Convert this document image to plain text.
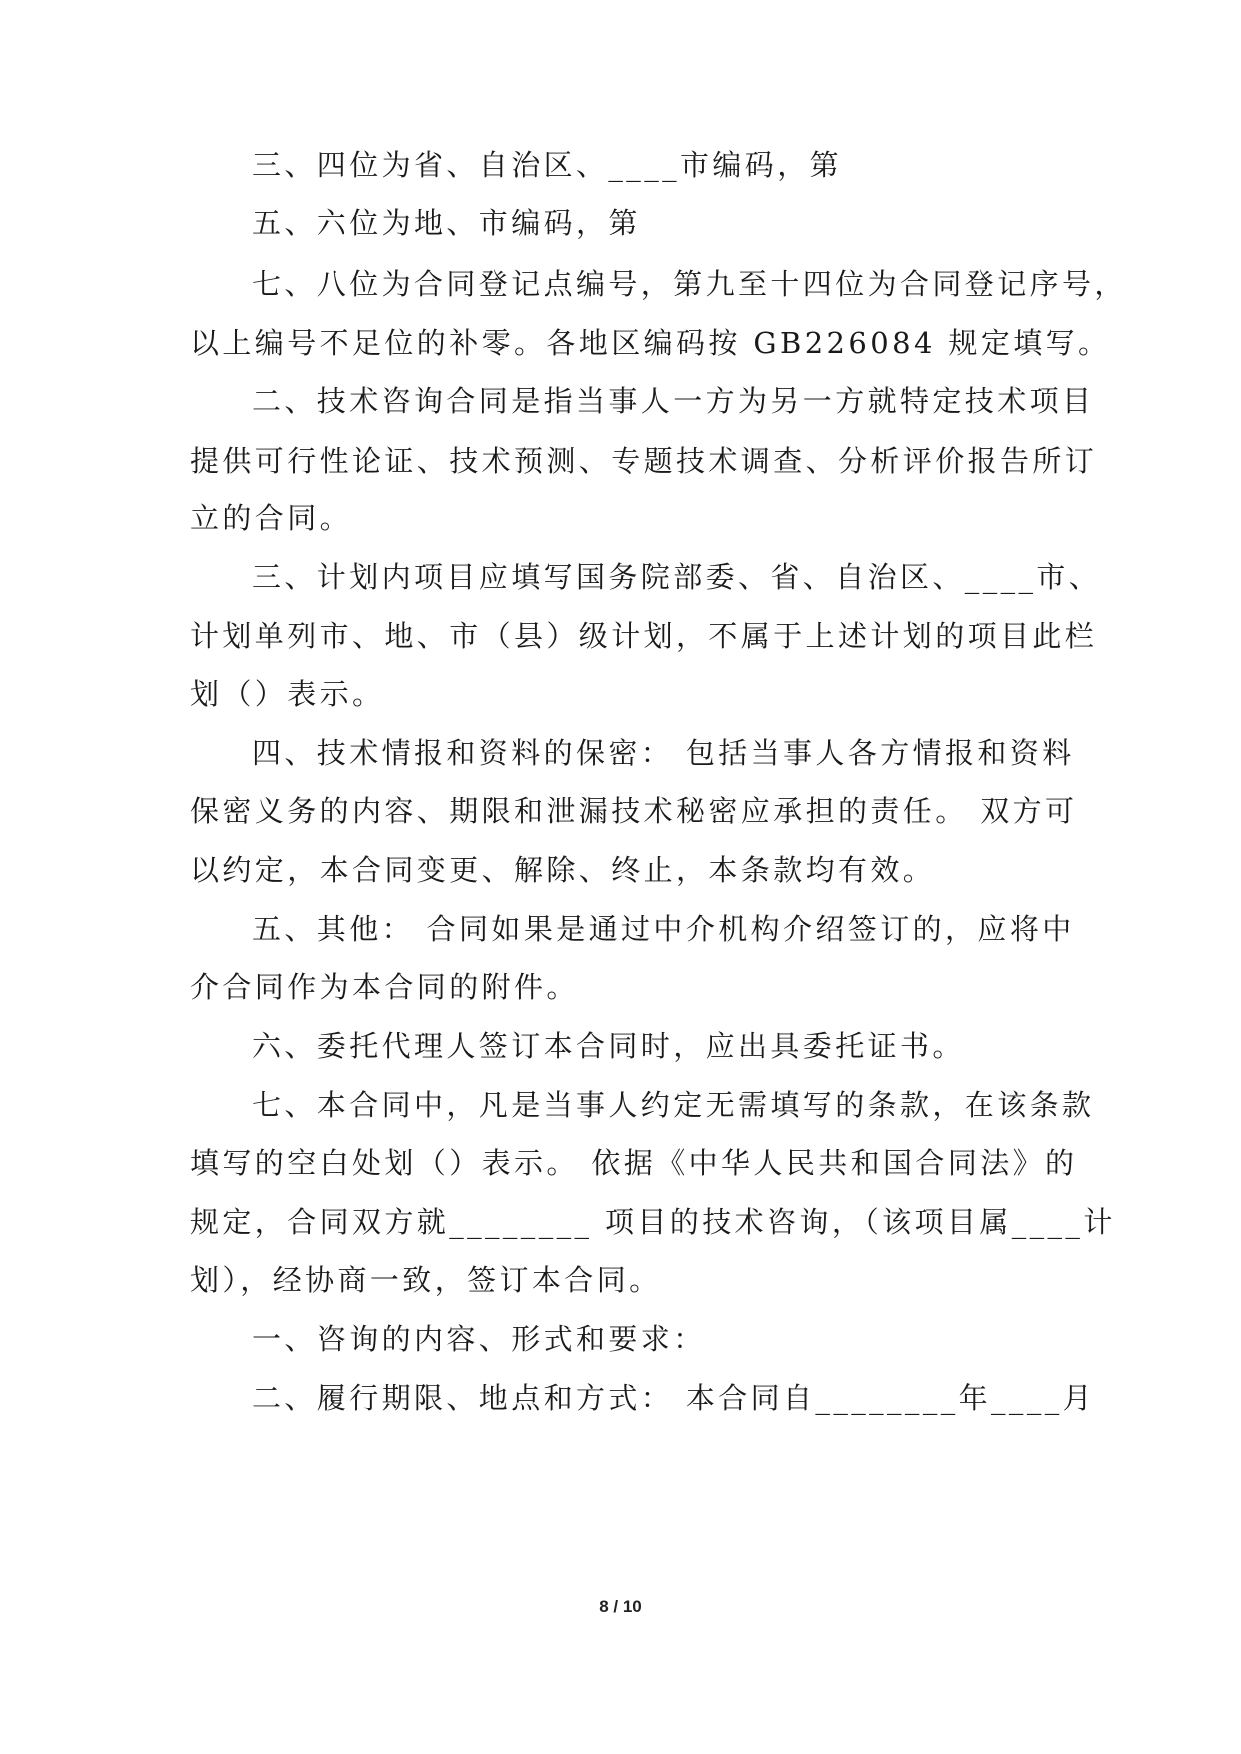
三、四位为省、自治区、____市编码，第
五、六位为地、市编码，第
七、八位为合同登记点编号，第九至十四位为合同登记序号，
以上编号不足位的补零。各地区编码按 GB226084 规定填写。
二、技术咨询合同是指当事人一方为另一方就特定技术项目
提供可行性论证、技术预测、专题技术调查、分析评价报告所订
立的合同。
三、计划内项目应填写国务院部委、省、自治区、____市、
计划单列市、地、市（县）级计划，不属于上述计划的项目此栏
划（）表示。
四、技术情报和资料的保密： 包括当事人各方情报和资料
保密义务的内容、期限和泄漏技术秘密应承担的责任。 双方可
以约定，本合同变更、解除、终止，本条款均有效。
五、其他： 合同如果是通过中介机构介绍签订的，应将中
介合同作为本合同的附件。
六、委托代理人签订本合同时，应出具委托证书。
七、本合同中，凡是当事人约定无需填写的条款，在该条款
填写的空白处划（）表示。 依据《中华人民共和国合同法》的
规定，合同双方就________ 项目的技术咨询，（该项目属____计
划），经协商一致，签订本合同。
一、咨询的内容、形式和要求：
二、履行期限、地点和方式： 本合同自________年____月
8 / 10
